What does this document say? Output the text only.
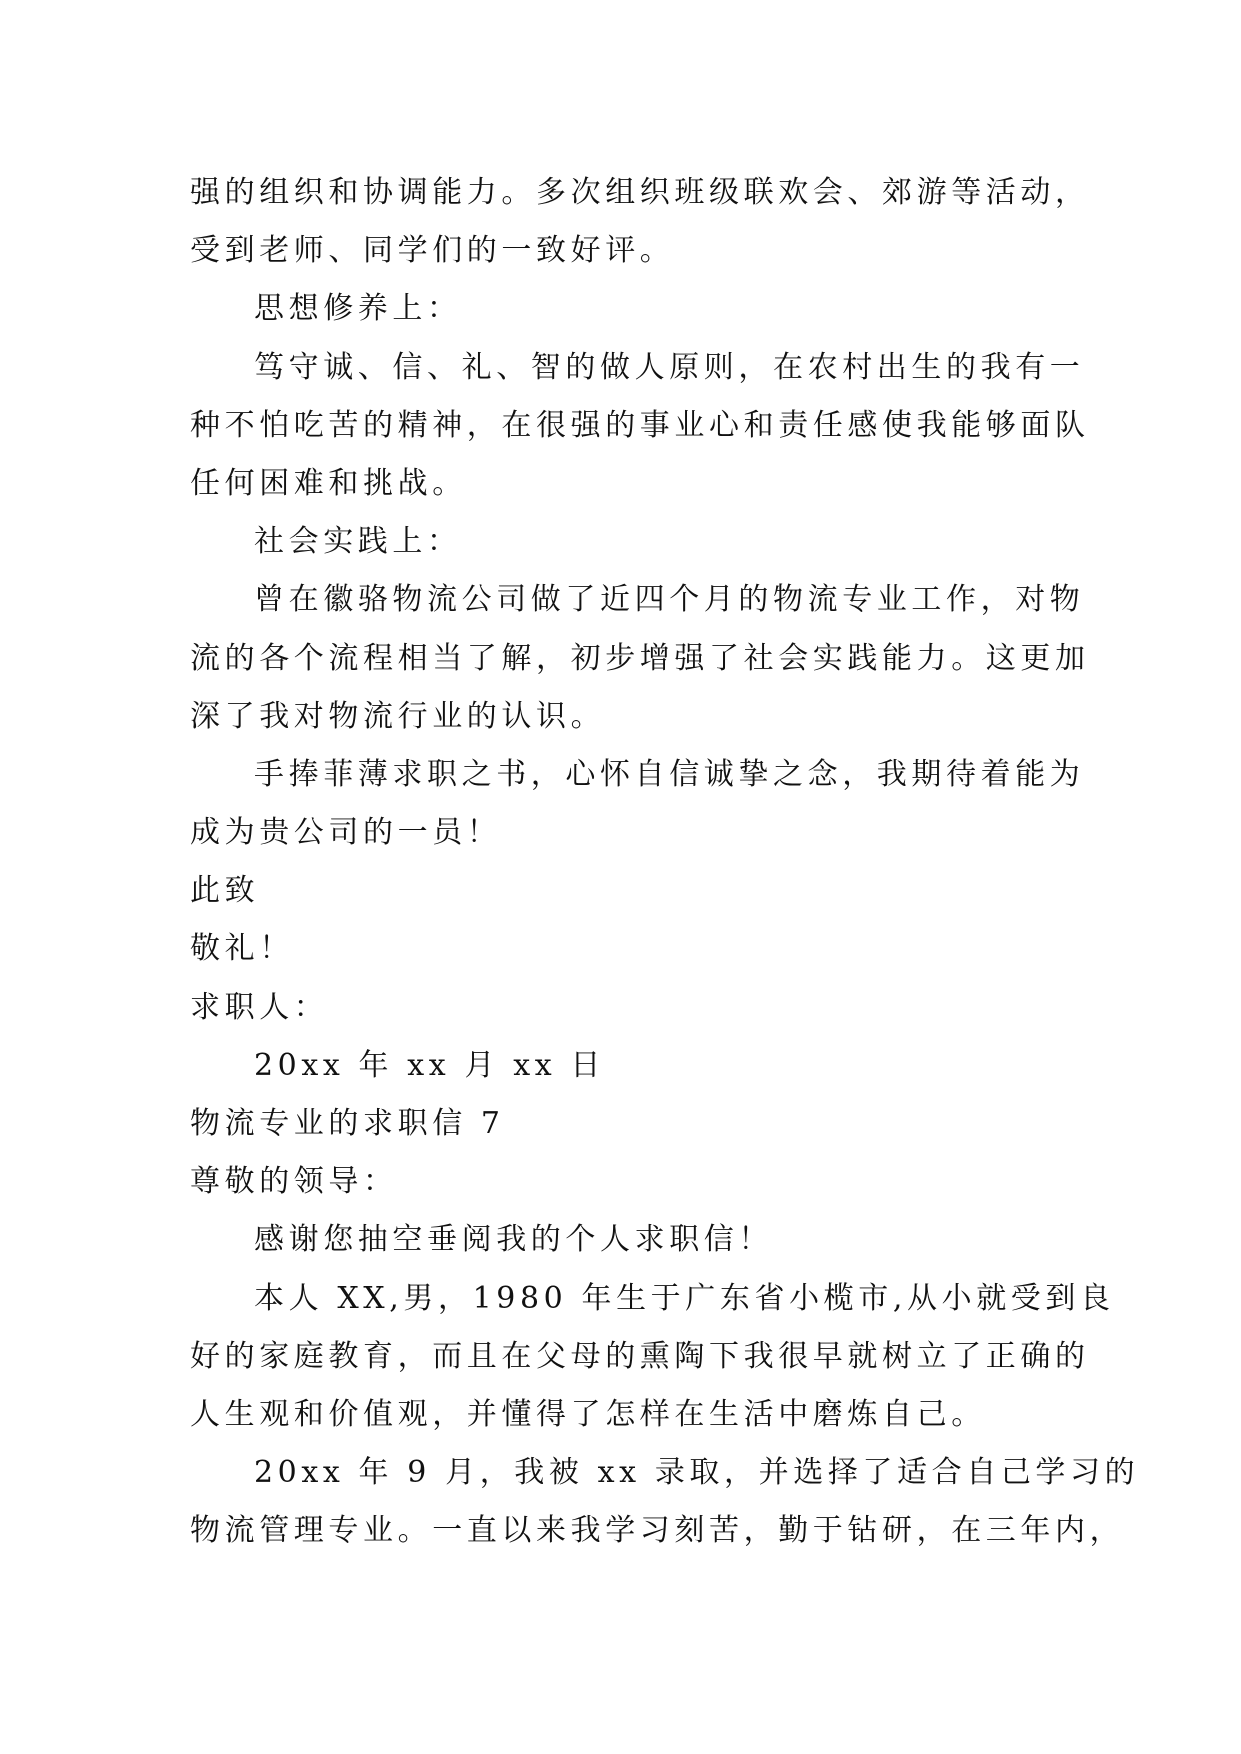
强的组织和协调能力。多次组织班级联欢会、郊游等活动，
受到老师、同学们的一致好评。
思想修养上：
笃守诚、信、礼、智的做人原则，在农村出生的我有一
种不怕吃苦的精神，在很强的事业心和责任感使我能够面队
任何困难和挑战。
社会实践上：
曾在徽骆物流公司做了近四个月的物流专业工作，对物
流的各个流程相当了解，初步增强了社会实践能力。这更加
深了我对物流行业的认识。
手捧菲薄求职之书，心怀自信诚挚之念，我期待着能为
成为贵公司的一员！
此致
敬礼！
求职人：
20xx 年 xx 月 xx 日
物流专业的求职信 7
尊敬的领导：
感谢您抽空垂阅我的个人求职信！
本人 XX,男，1980 年生于广东省小榄市,从小就受到良
好的家庭教育，而且在父母的熏陶下我很早就树立了正确的
人生观和价值观，并懂得了怎样在生活中磨炼自己。
20xx 年 9 月，我被 xx 录取，并选择了适合自己学习的
物流管理专业。一直以来我学习刻苦，勤于钻研，在三年内，
